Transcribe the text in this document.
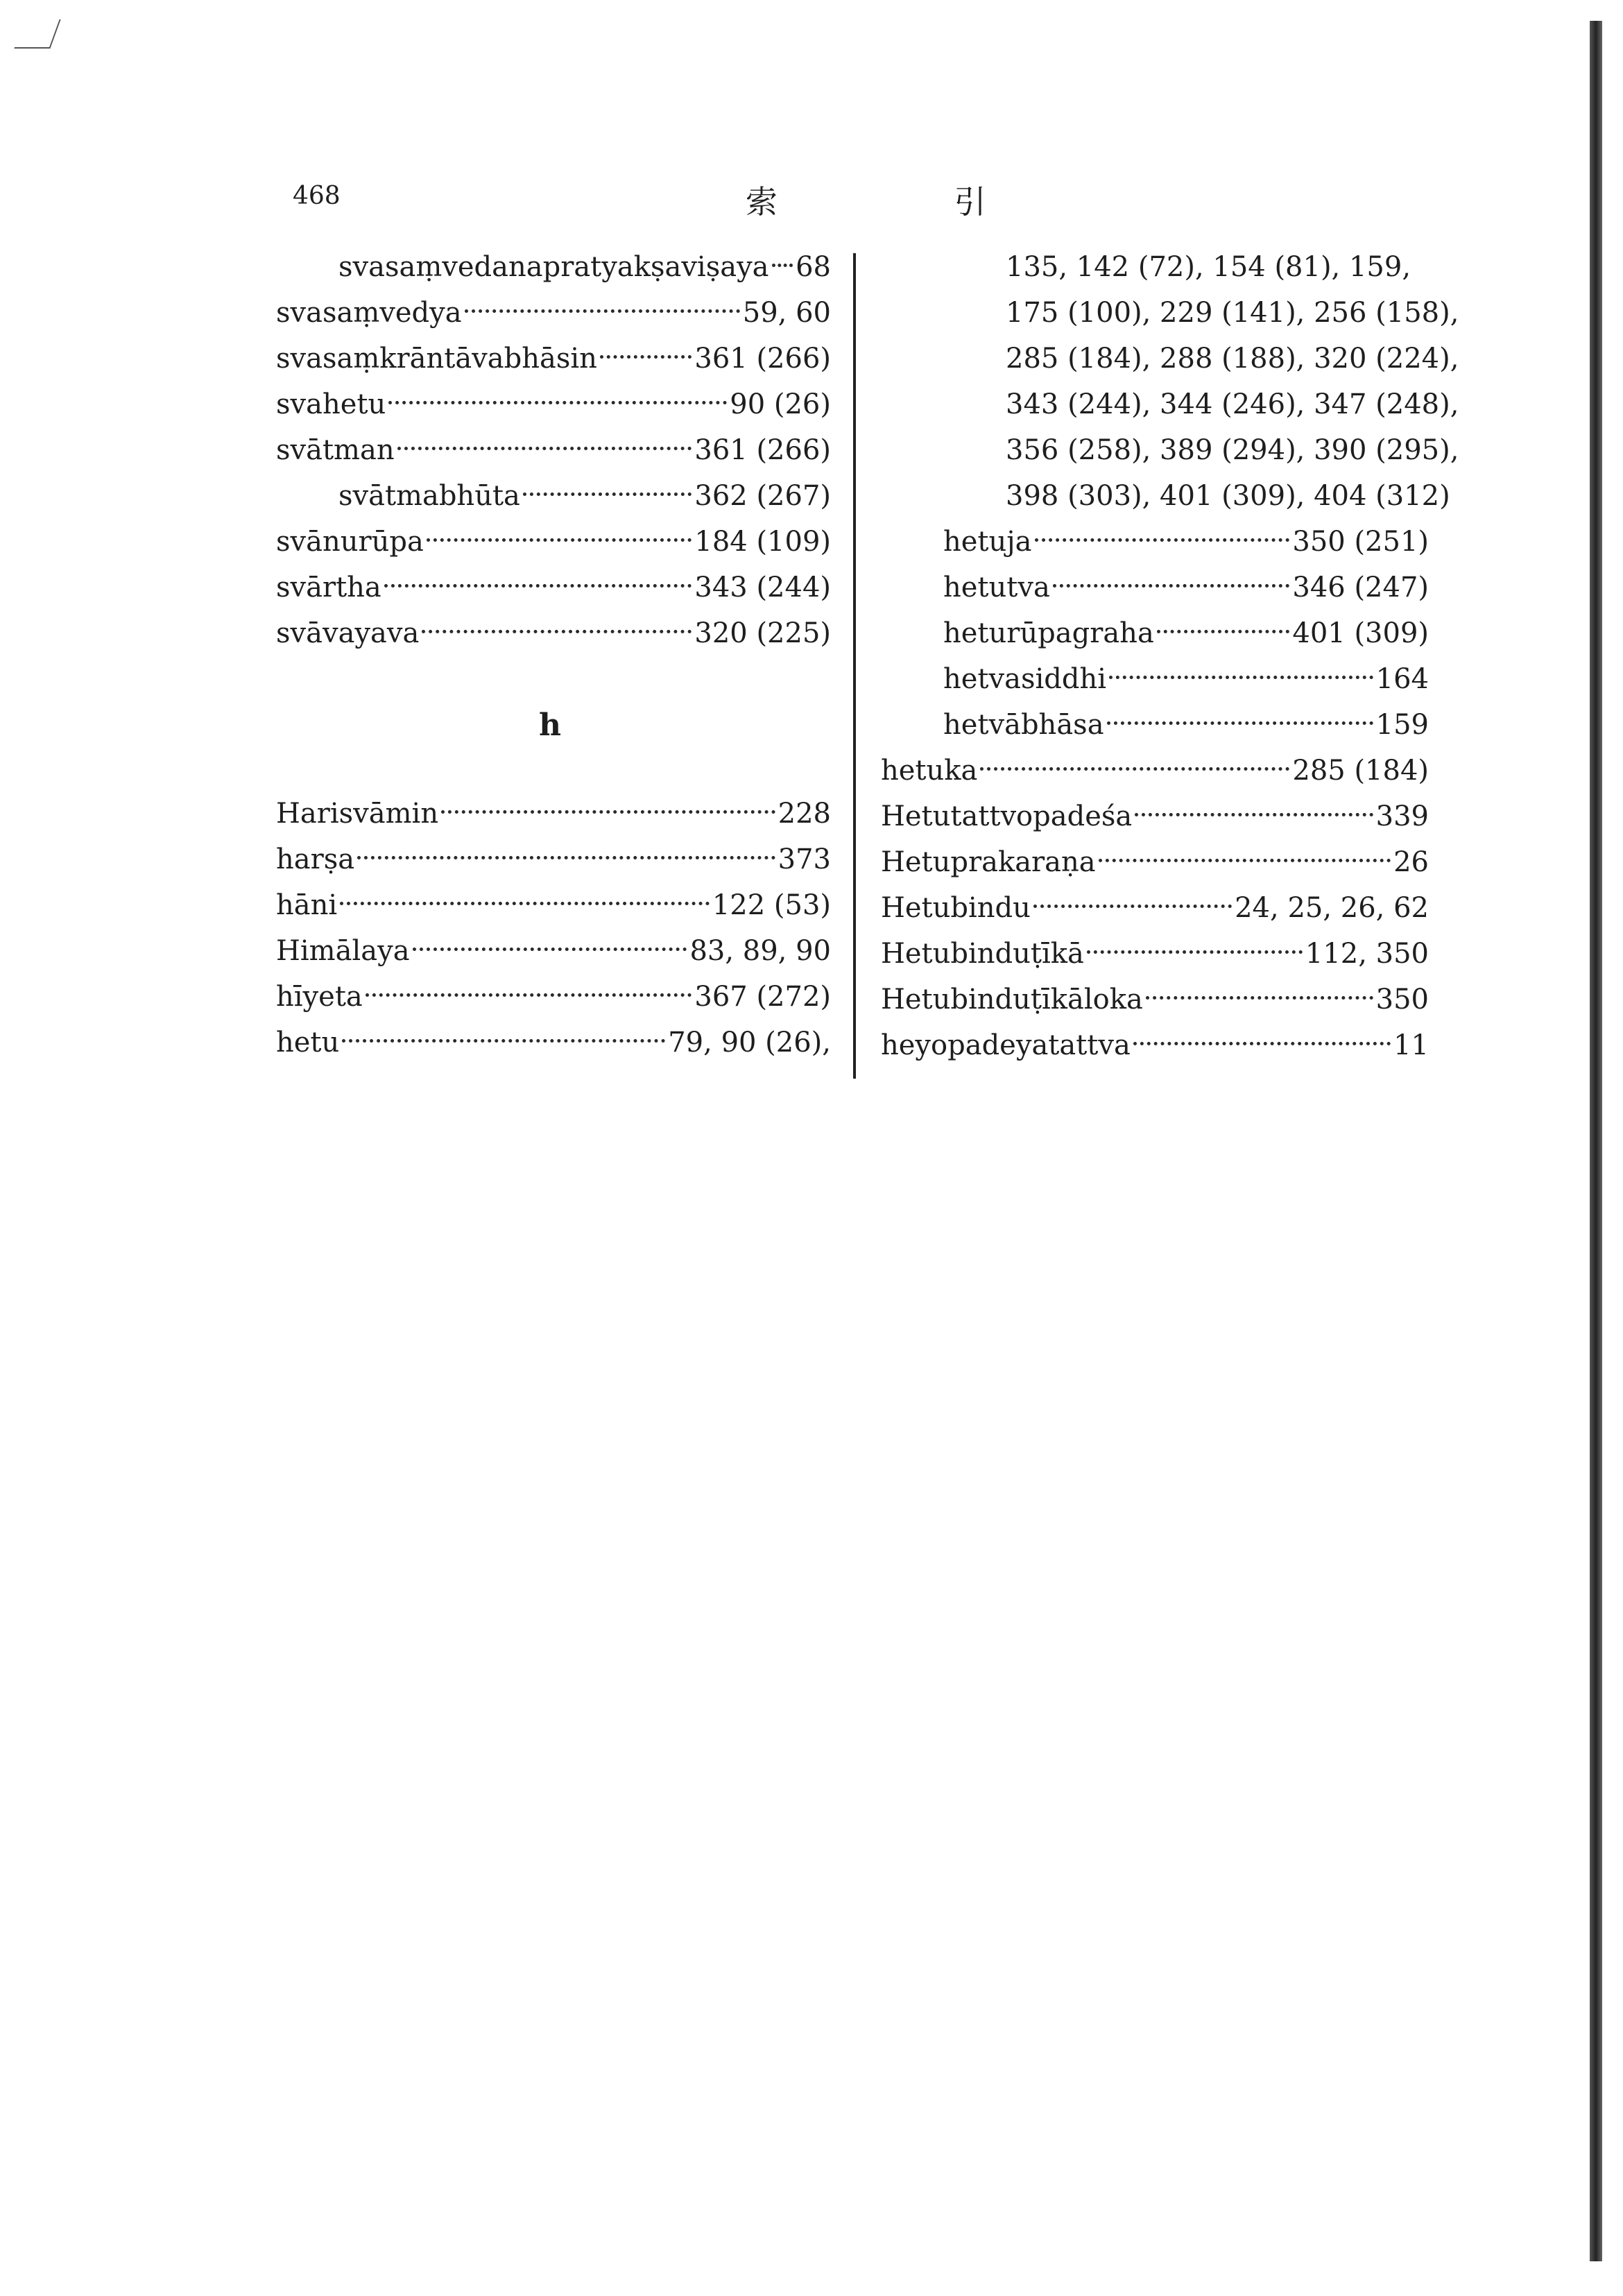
468	索 引
svasaṃvedanapratyakṣaviṣaya 68
svasaṃvedya	59, 60
svasaṃkrāntāvabhāsin	361 (266)
svahetu	90 (26)
svātman	361 (266)
svātmabhūta	362 (267)
svānurūpa	184 (109)
svārtha	343 (244)
svāvayava	320 (225)
h
Harisvāmin	228
harṣa	373
hāni	122 (53)
Himālaya	83, 89, 90
hīyeta	367 (272)
hetu	79, 90 (26),
135, 142 (72), 154 (81), 159,
175 (100), 229 (141), 256 (158),
285 (184), 288 (188), 320 (224),
343 (244), 344 (246), 347 (248),
356 (258), 389 (294), 390 (295),
398 (303), 401 (309), 404 (312)
hetuja	350 (251)
hetutva	346 (247)
heturūpagraha	401 (309)
hetvasiddhi	164
hetvābhāsa	159
hetuka	285 (184)
Hetutattvopadeśa	339
Hetuprakaraṇa	26
Hetubindu	24, 25, 26, 62
Hetubinduṭīkā	112, 350
Hetubinduṭīkāloka	350
heyopadeyatattva	11
